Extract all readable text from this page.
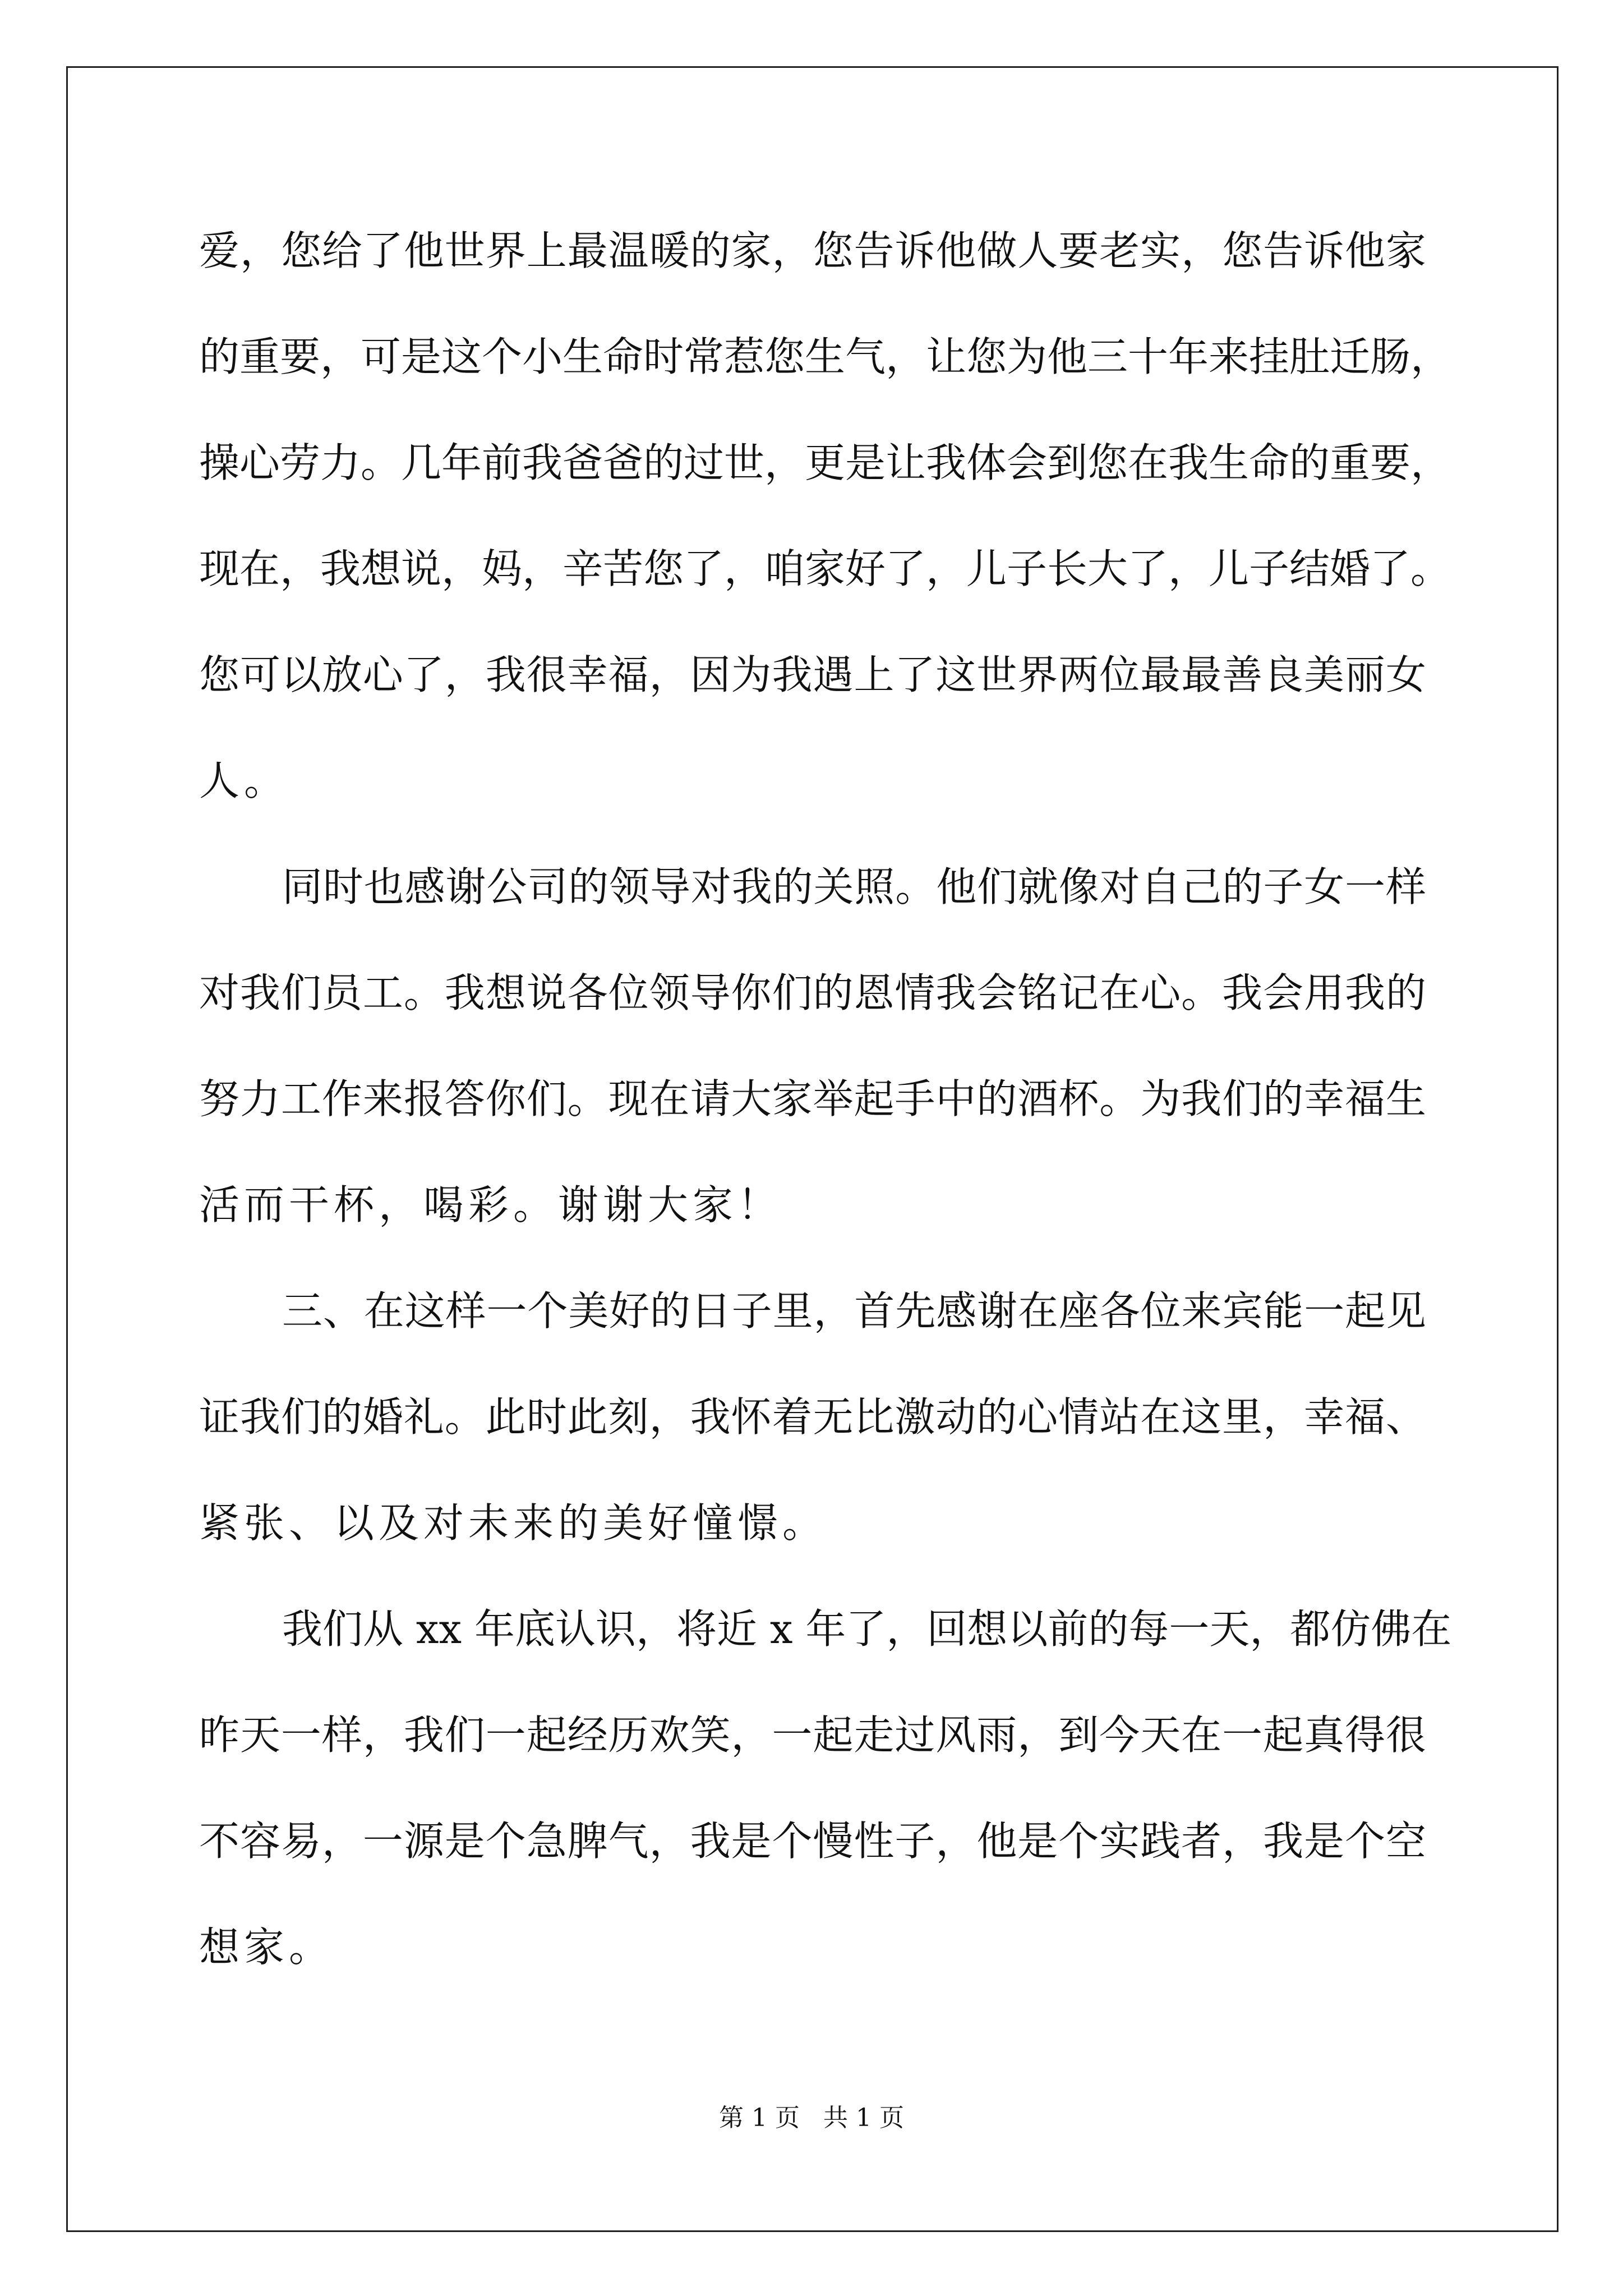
爱，您给了他世界上最温暖的家，您告诉他做人要老实，您告诉他家
的重要，可是这个小生命时常惹您生气，让您为他三十年来挂肚迁肠，
操心劳力。几年前我爸爸的过世，更是让我体会到您在我生命的重要，
现在，我想说，妈，辛苦您了，咱家好了，儿子长大了，儿子结婚了。
您可以放心了，我很幸福，因为我遇上了这世界两位最最善良美丽女
人。
同时也感谢公司的领导对我的关照。他们就像对自己的子女一样
对我们员工。我想说各位领导你们的恩情我会铭记在心。我会用我的
努力工作来报答你们。现在请大家举起手中的酒杯。为我们的幸福生
活而干杯，喝彩。谢谢大家！
三、在这样一个美好的日子里，首先感谢在座各位来宾能一起见
证我们的婚礼。此时此刻，我怀着无比激动的心情站在这里，幸福、
紧张、以及对未来的美好憧憬。
我们从 xx 年底认识，将近 x 年了，回想以前的每一天，都仿佛在
昨天一样，我们一起经历欢笑，一起走过风雨，到今天在一起真得很
不容易，一源是个急脾气，我是个慢性子，他是个实践者，我是个空
想家。
第 1 页   共 1 页
